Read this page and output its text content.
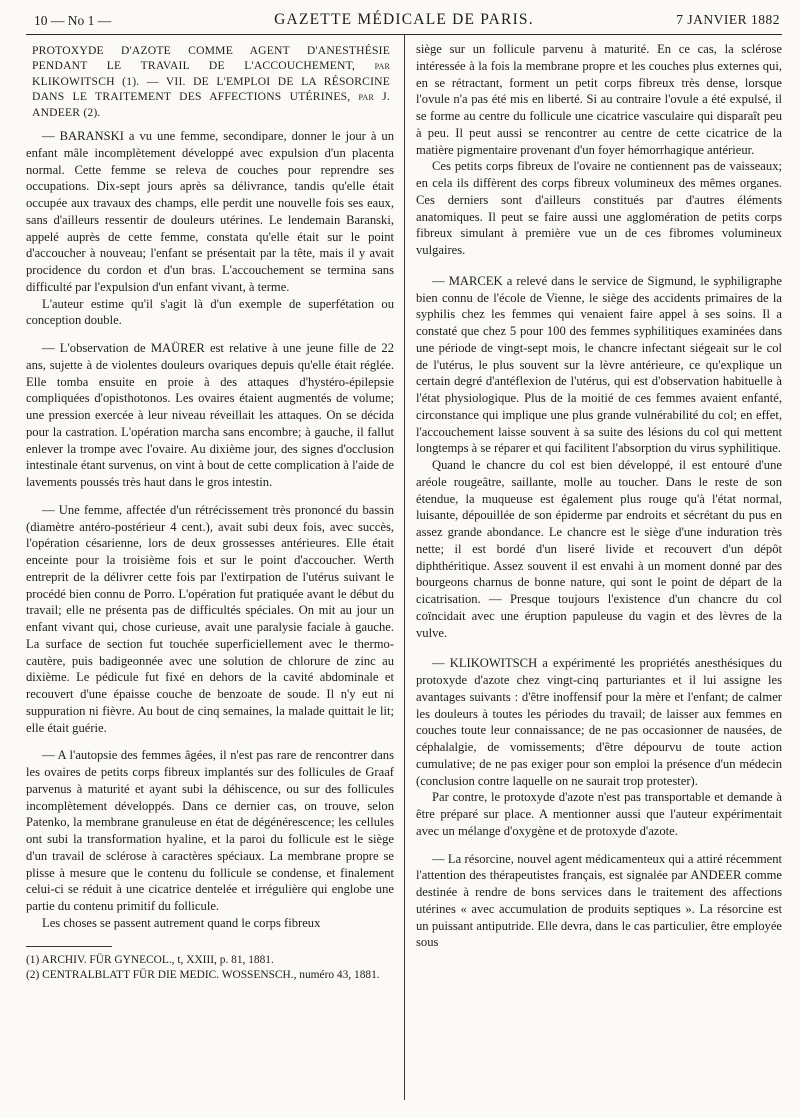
10 — No 1 —	GAZETTE MÉDICALE DE PARIS.	7 JANVIER 1882

PROTOXYDE D'AZOTE COMME AGENT D'ANESTHÉSIE PENDANT LE TRAVAIL DE L'ACCOUCHEMENT, par KLIKOWITSCH (1). — VII. DE L'EMPLOI DE LA RÉSORCINE DANS LE TRAITEMENT DES AFFECTIONS UTÉRINES, par J. ANDEER (2).

— BARANSKI a vu une femme, secondipare, donner le jour à un enfant mâle incomplètement développé avec expulsion d'un placenta normal. Cette femme se releva de couches pour reprendre ses occupations. Dix-sept jours après sa délivrance, tandis qu'elle était occupée aux travaux des champs, elle perdit une nouvelle fois ses eaux, sans d'ailleurs ressentir de douleurs utérines. Le lendemain Baranski, appelé auprès de cette femme, constata qu'elle était sur le point d'accoucher à nouveau; l'enfant se présentait par la tête, mais il y avait procidence du cordon et d'un bras. L'accouchement se termina sans difficulté par l'expulsion d'un enfant vivant, à terme.

L'auteur estime qu'il s'agit là d'un exemple de superfétation ou conception double.

— L'observation de MAÜRER est relative à une jeune fille de 22 ans, sujette à de violentes douleurs ovariques depuis qu'elle était réglée. Elle tomba ensuite en proie à des attaques d'hystéro-épilepsie compliquées d'opisthotonos. Les ovaires étaient augmentés de volume; une pression exercée à leur niveau réveillait les attaques. On se décida pour la castration. L'opération marcha sans encombre; à gauche, il fallut enlever la trompe avec l'ovaire. Au dixième jour, des signes d'occlusion intestinale étant survenus, on vint à bout de cette complication à l'aide de lavements poussés très haut dans le gros intestin.

— Une femme, affectée d'un rétrécissement très prononcé du bassin (diamètre antéro-postérieur 4 cent.), avait subi deux fois, avec succès, l'opération césarienne, lors de deux grossesses antérieures. Elle était enceinte pour la troisième fois et sur le point d'accoucher. Werth entreprit de la délivrer cette fois par l'extirpation de l'utérus suivant le procédé bien connu de Porro. L'opération fut pratiquée avant le début du travail; elle ne présenta pas de difficultés spéciales. On mit au jour un enfant vivant qui, chose curieuse, avait une paralysie faciale à gauche. La surface de section fut touchée superficiellement avec le thermo-cautère, puis badigeonnée avec une solution de chlorure de zinc au dixième. Le pédicule fut fixé en dehors de la cavité abdominale et recouvert d'une épaisse couche de benzoate de soude. Il n'y eut ni suppuration ni fièvre. Au bout de cinq semaines, la malade quittait le lit; elle était guérie.

— A l'autopsie des femmes âgées, il n'est pas rare de rencontrer dans les ovaires de petits corps fibreux implantés sur des follicules de Graaf parvenus à maturité et ayant subi la déhiscence, ou sur des follicules incomplètement développés. Dans ce dernier cas, on trouve, selon Patenko, la membrane granuleuse en état de dégénérescence; les cellules ont subi la transformation hyaline, et la paroi du follicule est le siège d'un travail de sclérose à caractères spéciaux. La membrane propre se plisse à mesure que le contenu du follicule se condense, et finalement celui-ci se réduit à une cicatrice dentelée et irrégulière qui englobe une partie du contenu primitif du follicule.

Les choses se passent autrement quand le corps fibreux

(1) ARCHIV. FÜR GYNECOL., t, XXIII, p. 81, 1881.

(2) CENTRALBLATT FÜR DIE MEDIC. WOSSENSCH., numéro 43, 1881.

siège sur un follicule parvenu à maturité. En ce cas, la sclérose intéressée à la fois la membrane propre et les couches plus externes qui, en se rétractant, forment un petit corps fibreux très dense, lorsque l'ovule n'a pas été mis en liberté. Si au contraire l'ovule a été expulsé, il se forme au centre du follicule une cicatrice vasculaire qui disparaît peu à peu. Il peut aussi se rencontrer au centre de cette cicatrice de la matière pigmentaire provenant d'un foyer hémorrhagique antérieur.

Ces petits corps fibreux de l'ovaire ne contiennent pas de vaisseaux; en cela ils diffèrent des corps fibreux volumineux des mêmes organes. Ces derniers sont d'ailleurs constitués par d'autres éléments anatomiques. Il peut se faire aussi une agglomération de petits corps fibreux simulant à première vue un de ces fibromes volumineux vulgaires.

— MARCEK a relevé dans le service de Sigmund, le syphiligraphe bien connu de l'école de Vienne, le siège des accidents primaires de la syphilis chez les femmes qui venaient faire appel à ses soins. Il a constaté que chez 5 pour 100 des femmes syphilitiques examinées dans une période de vingt-sept mois, le chancre infectant siégeait sur le col de l'utérus, le plus souvent sur la lèvre antérieure, ce qu'explique un certain degré d'antéflexion de l'utérus, qui est d'observation habituelle à l'état physiologique. Plus de la moitié de ces femmes avaient enfanté, circonstance qui implique une plus grande vulnérabilité du col; en effet, l'accouchement laisse souvent à sa suite des lésions du col qui mettent longtemps à se réparer et qui facilitent l'absorption du virus syphilitique.

Quand le chancre du col est bien développé, il est entouré d'une aréole rougeâtre, saillante, molle au toucher. Dans le reste de son étendue, la muqueuse est également plus rouge qu'à l'état normal, luisante, dépouillée de son épiderme par endroits et sécrétant du pus en assez grande abondance. Le chancre est le siège d'une induration très nette; il est bordé d'un liseré livide et recouvert d'un dépôt diphthéritique. Assez souvent il est envahi à un moment donné par des bourgeons charnus de bonne nature, qui sont le point de départ de la cicatrisation. — Presque toujours l'existence d'un chancre du col coïncidait avec une éruption papuleuse du vagin et des lèvres de la vulve.

— KLIKOWITSCH a expérimenté les propriétés anesthésiques du protoxyde d'azote chez vingt-cinq parturiantes et il lui assigne les avantages suivants : d'être inoffensif pour la mère et l'enfant; de calmer les douleurs à toutes les périodes du travail; de laisser aux femmes en couches toute leur connaissance; de ne pas occasionner de nausées, de céphalalgie, de vomissements; d'être dépourvu de toute action cumulative; de ne pas exiger pour son emploi la présence d'un médecin (conclusion contre laquelle on ne saurait trop protester).

Par contre, le protoxyde d'azote n'est pas transportable et demande à être préparé sur place. A mentionner aussi que l'auteur expérimentait avec un mélange d'oxygène et de protoxyde d'azote.

— La résorcine, nouvel agent médicamenteux qui a attiré récemment l'attention des thérapeutistes français, est signalée par ANDEER comme destinée à rendre de bons services dans le traitement des affections utérines « avec accumulation de produits septiques ». La résorcine est un puissant antiputride. Elle devra, dans le cas particulier, être employée sous
